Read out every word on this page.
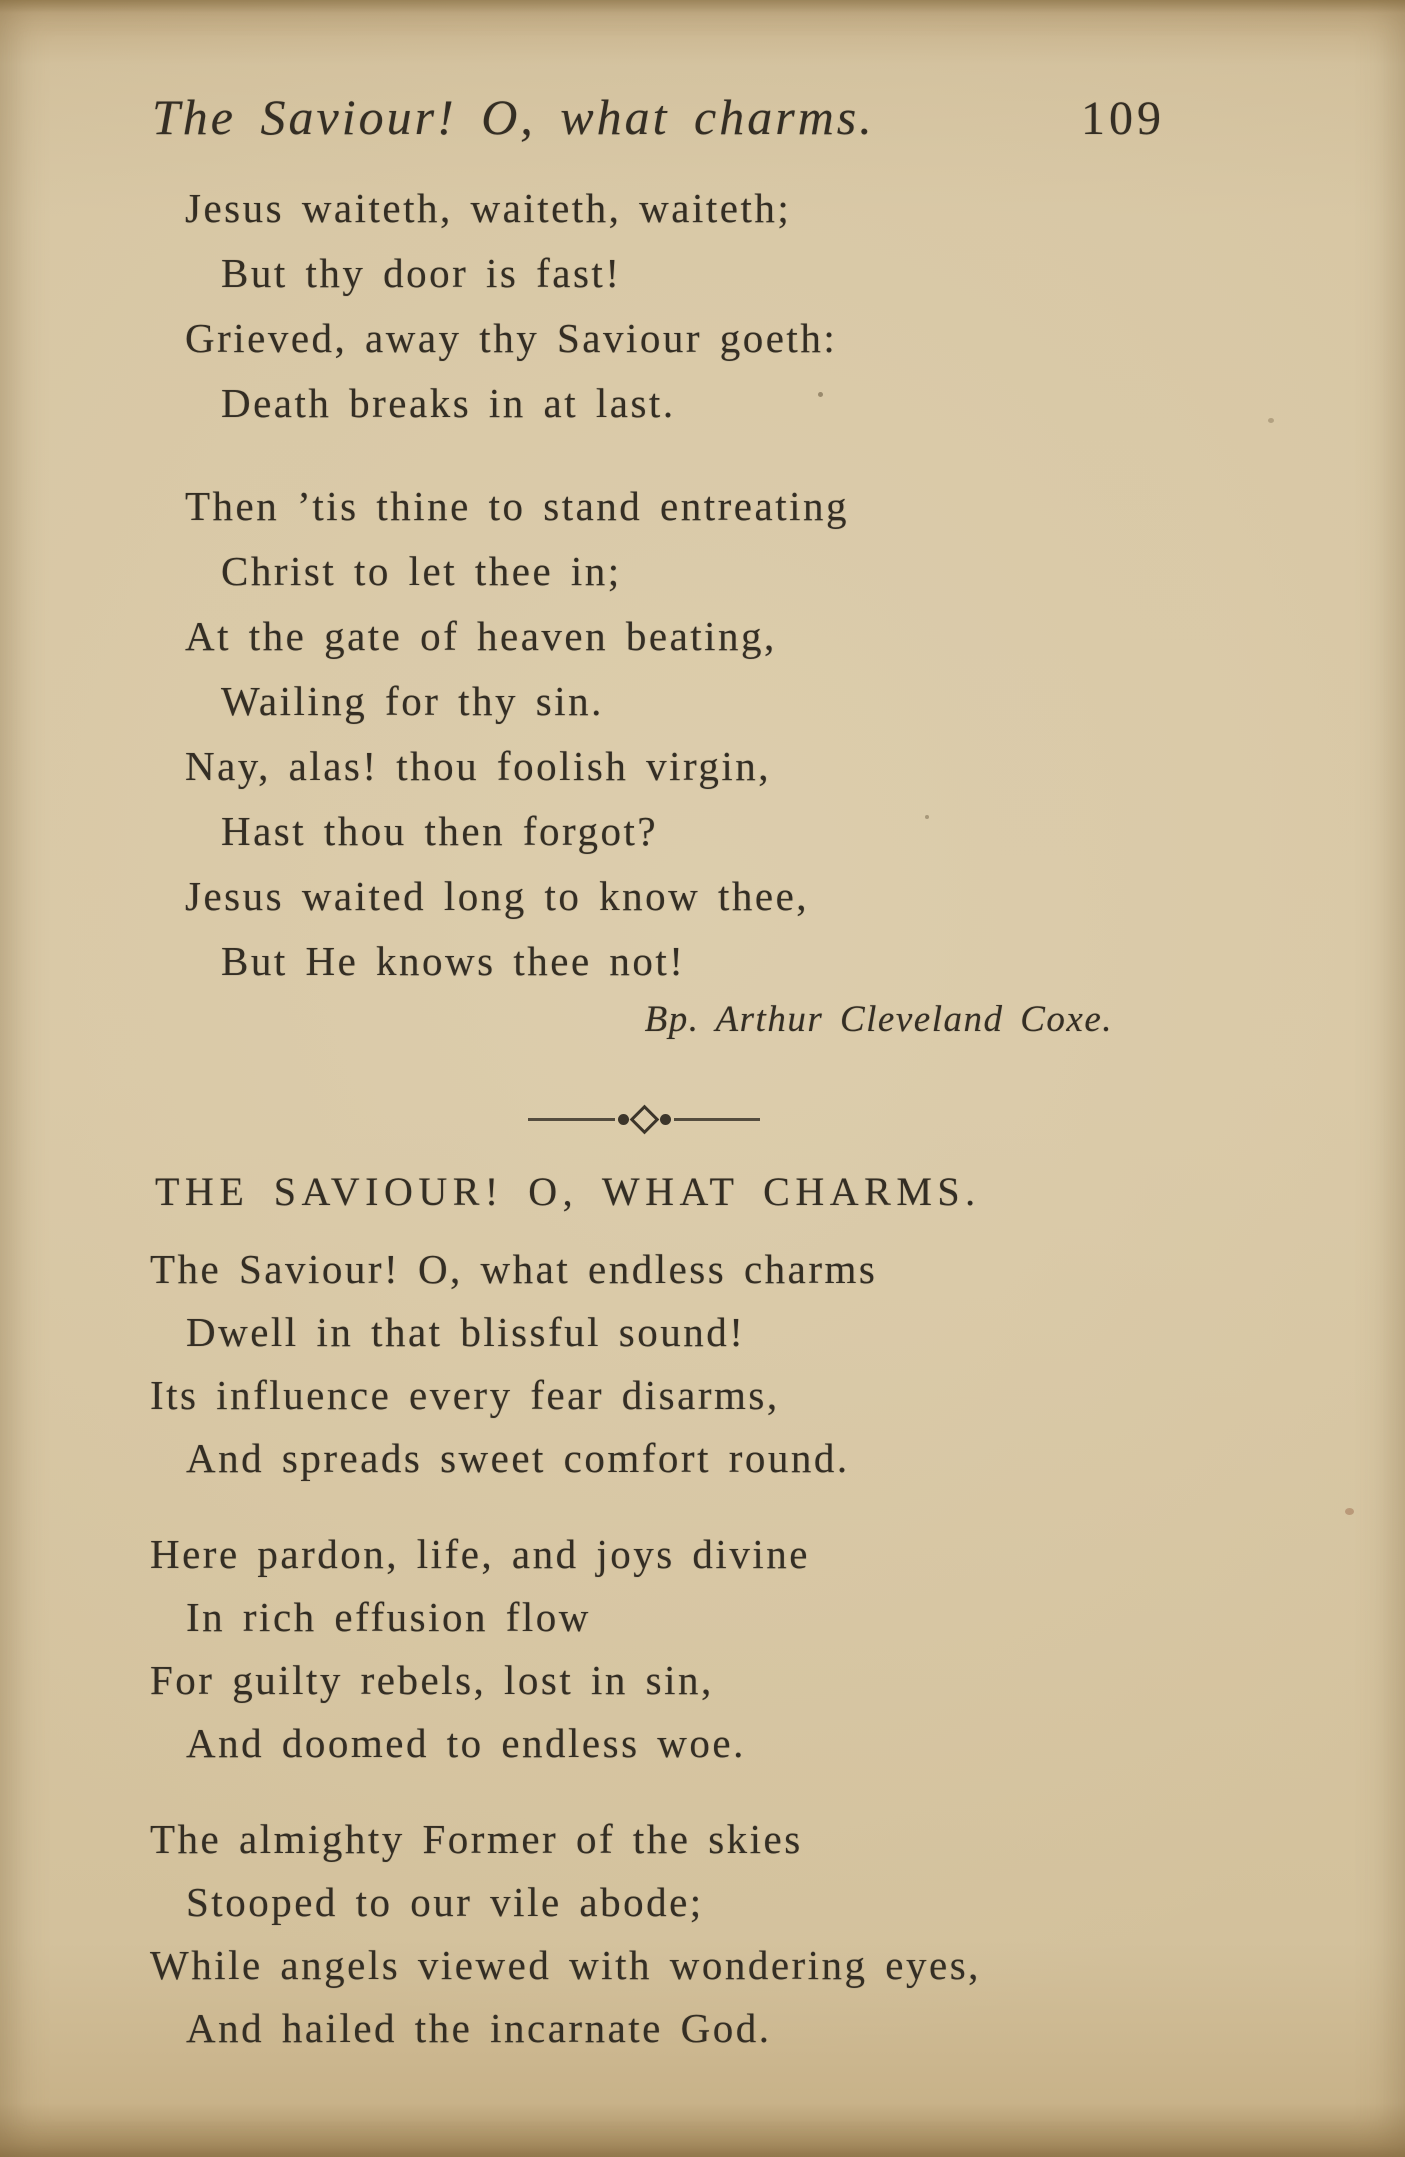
The Saviour! O, what charms.	109
Jesus waiteth, waiteth, waiteth;
But thy door is fast!
Grieved, away thy Saviour goeth:
Death breaks in at last.
Then ’tis thine to stand entreating
Christ to let thee in;
At the gate of heaven beating,
Wailing for thy sin.
Nay, alas! thou foolish virgin,
Hast thou then forgot?
Jesus waited long to know thee,
But He knows thee not!
Bp. Arthur Cleveland Coxe.
THE SAVIOUR! O, WHAT CHARMS.
The Saviour! O, what endless charms
Dwell in that blissful sound!
Its influence every fear disarms,
And spreads sweet comfort round.
Here pardon, life, and joys divine
In rich effusion flow
For guilty rebels, lost in sin,
And doomed to endless woe.
The almighty Former of the skies
Stooped to our vile abode;
While angels viewed with wondering eyes,
And hailed the incarnate God.
